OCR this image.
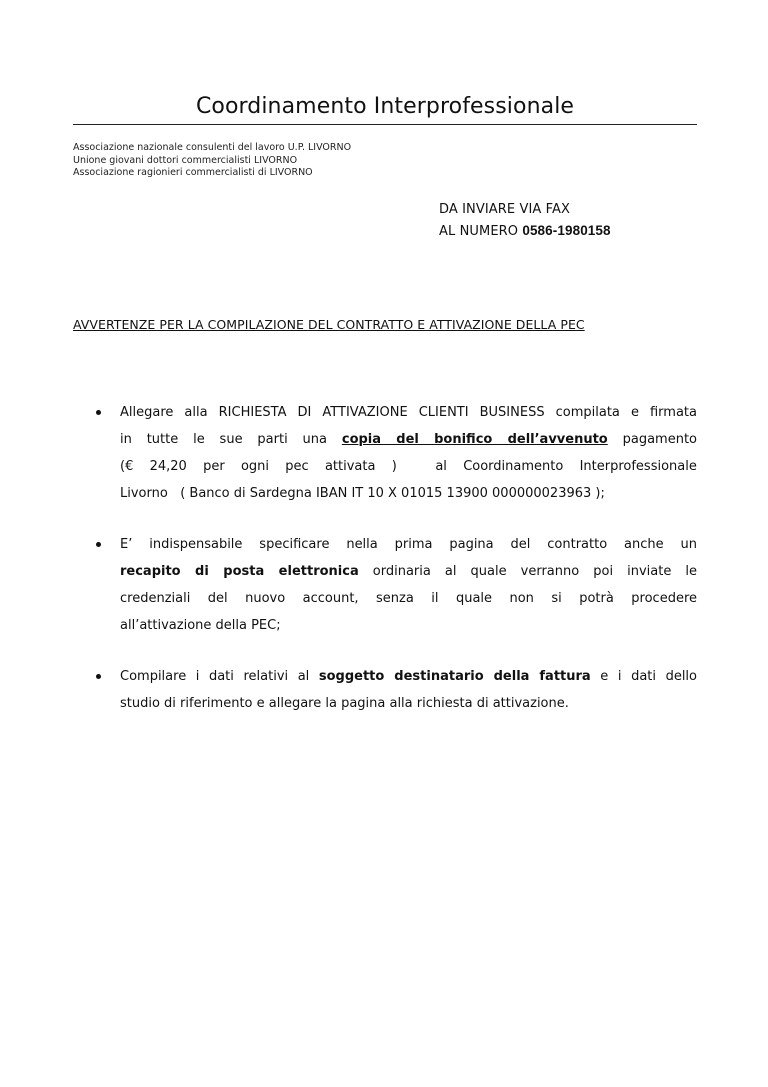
Coordinamento Interprofessionale
Associazione nazionale consulenti del lavoro U.P. LIVORNO
Unione giovani dottori commercialisti LIVORNO
Associazione ragionieri commercialisti di LIVORNO
DA INVIARE VIA FAX
AL NUMERO 0586-1980158
AVVERTENZE PER LA COMPILAZIONE DEL CONTRATTO E ATTIVAZIONE DELLA PEC
Allegare alla RICHIESTA DI ATTIVAZIONE CLIENTI BUSINESS compilata e firmata
in tutte le sue parti una copia del bonifico dell’avvenuto pagamento
(€ 24,20 per ogni pec attivata )	al Coordinamento Interprofessionale
Livorno   ( Banco di Sardegna IBAN IT 10 X 01015 13900 000000023963 );
E’ indispensabile specificare nella prima pagina del contratto anche un
recapito di posta elettronica ordinaria al quale verranno poi inviate le
credenziali del nuovo account, senza il quale non si potrà procedere
all’attivazione della PEC;
Compilare i dati relativi al soggetto destinatario della fattura e i dati dello
studio di riferimento e allegare la pagina alla richiesta di attivazione.
